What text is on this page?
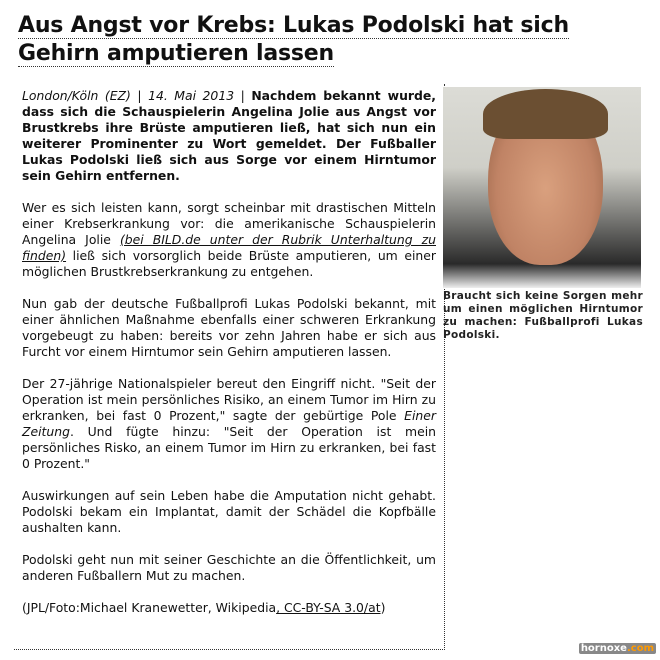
Aus Angst vor Krebs: Lukas Podolski hat sich
Gehirn amputieren lassen

London/Köln (EZ) | 14. Mai 2013 | Nachdem bekannt wurde, dass sich die Schauspielerin Angelina Jolie aus Angst vor Brustkrebs ihre Brüste amputieren ließ, hat sich nun ein weiterer Prominenter zu Wort gemeldet. Der Fußballer Lukas Podolski ließ sich aus Sorge vor einem Hirntumor sein Gehirn entfernen.

Wer es sich leisten kann, sorgt scheinbar mit drastischen Mitteln einer Krebserkrankung vor: die amerikanische Schauspielerin Angelina Jolie (bei BILD.de unter der Rubrik Unterhaltung zu finden) ließ sich vorsorglich beide Brüste amputieren, um einer möglichen Brustkrebserkrankung zu entgehen.

Nun gab der deutsche Fußballprofi Lukas Podolski bekannt, mit einer ähnlichen Maßnahme ebenfalls einer schweren Erkrankung vorgebeugt zu haben: bereits vor zehn Jahren habe er sich aus Furcht vor einem Hirntumor sein Gehirn amputieren lassen.

Der 27-jährige Nationalspieler bereut den Eingriff nicht. "Seit der Operation ist mein persönliches Risiko, an einem Tumor im Hirn zu erkranken, bei fast 0 Prozent," sagte der gebürtige Pole Einer Zeitung. Und fügte hinzu: "Seit der Operation ist mein persönliches Risko, an einem Tumor im Hirn zu erkranken, bei fast 0 Prozent."

Auswirkungen auf sein Leben habe die Amputation nicht gehabt. Podolski bekam ein Implantat, damit der Schädel die Kopfbälle aushalten kann.

Podolski geht nun mit seiner Geschichte an die Öffentlichkeit, um anderen Fußballern Mut zu machen.

(JPL/Foto:Michael Kranewetter, Wikipedia, CC-BY-SA 3.0/at)

Braucht sich keine Sorgen mehr um einen möglichen Hirntumor zu machen: Fußballprofi Lukas Podolski.
hornoxe.com
